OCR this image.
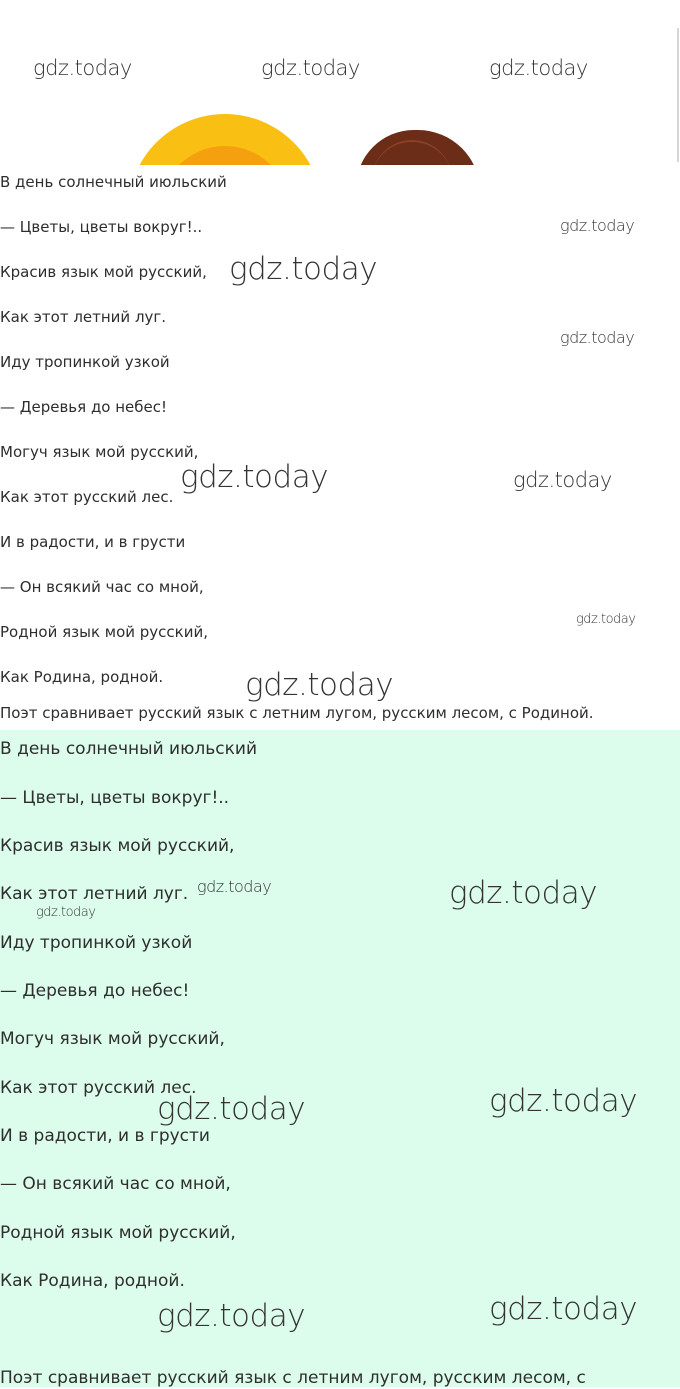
gdz.today	gdz.today	gdz.today
В день солнечный июльский
— Цветы, цветы вокруг!..
Красив язык мой русский,
Как этот летний луг.
Иду тропинкой узкой
— Деревья до небес!
Могуч язык мой русский,
Как этот русский лес.
И в радости, и в грусти
— Он всякий час со мной,
Родной язык мой русский,
Как Родина, родной.
Поэт сравнивает русский язык с летним лугом, русским лесом, с Родиной.
gdz.today
gdz.today
gdz.today
gdz.today	gdz.today
gdz.today
gdz.today
В день солнечный июльский
— Цветы, цветы вокруг!..
Красив язык мой русский,
Как этот летний луг.
Иду тропинкой узкой
— Деревья до небес!
Могуч язык мой русский,
Как этот русский лес.
И в радости, и в грусти
— Он всякий час со мной,
Родной язык мой русский,
Как Родина, родной.
Поэт сравнивает русский язык с летним лугом, русским лесом, с
gdz.today	gdz.today
gdz.today
gdz.today
gdz.today
gdz.today
gdz.today
